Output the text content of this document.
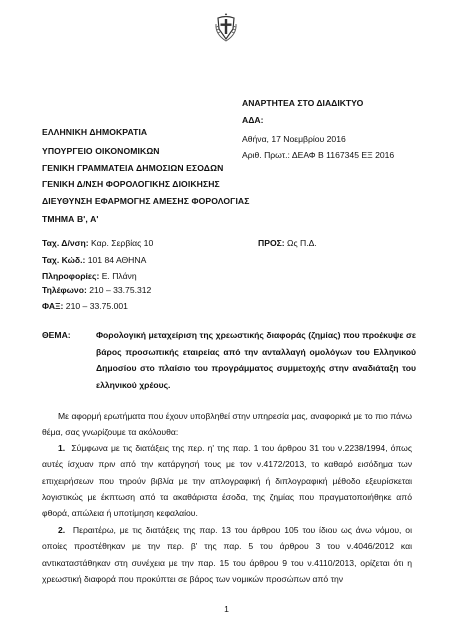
ΑΝΑΡΤΗΤΕΑ ΣΤΟ ΔΙΑΔΙΚΤΥΟ
ΑΔΑ:
Αθήνα, 17 Νοεμβρίου 2016
Αριθ. Πρωτ.: ΔΕΑΦ Β 1167345 ΕΞ 2016
ΕΛΛΗΝΙΚΗ ΔΗΜΟΚΡΑΤΙΑ
ΥΠΟΥΡΓΕΙΟ ΟΙΚΟΝΟΜΙΚΩΝ
ΓΕΝΙΚΗ ΓΡΑΜΜΑΤΕΙΑ ΔΗΜΟΣΙΩΝ ΕΣΟΔΩΝ
ΓΕΝΙΚΗ Δ/ΝΣΗ ΦΟΡΟΛΟΓΙΚΗΣ ΔΙΟΙΚΗΣΗΣ
ΔΙΕΥΘΥΝΣΗ ΕΦΑΡΜΟΓΗΣ ΑΜΕΣΗΣ ΦΟΡΟΛΟΓΙΑΣ
ΤΜΗΜΑ Β', Α'
Ταχ. Δ/νση: Καρ. Σερβίας 10
Ταχ. Κώδ.: 101 84 ΑΘΗΝΑ
Πληροφορίες: Ε. Πλάνη
Τηλέφωνο: 210 – 33.75.312
ΦΑΞ: 210 – 33.75.001
ΠΡΟΣ: Ως Π.Δ.
ΘΕΜΑ:	Φορολογική μεταχείριση της χρεωστικής διαφοράς (ζημίας) που προέκυψε σε βάρος προσωπικής εταιρείας από την ανταλλαγή ομολόγων του Ελληνικού Δημοσίου στο πλαίσιο του προγράμματος συμμετοχής στην αναδιάταξη του ελληνικού χρέους.
Με αφορμή ερωτήματα που έχουν υποβληθεί στην υπηρεσία μας, αναφορικά με το πιο πάνω θέμα, σας γνωρίζουμε τα ακόλουθα:
1. Σύμφωνα με τις διατάξεις της περ. η' της παρ. 1 του άρθρου 31 του ν.2238/1994, όπως αυτές ίσχυαν πριν από την κατάργησή τους με τον ν.4172/2013, το καθαρό εισόδημα των επιχειρήσεων που τηρούν βιβλία με την απλογραφική ή διπλογραφική μέθοδο εξευρίσκεται λογιστικώς με έκπτωση από τα ακαθάριστα έσοδα, της ζημίας που πραγματοποιήθηκε από φθορά, απώλεια ή υποτίμηση κεφαλαίου.
2. Περαιτέρω, με τις διατάξεις της παρ. 13 του άρθρου 105 του ίδιου ως άνω νόμου, οι οποίες προστέθηκαν με την περ. β' της παρ. 5 του άρθρου 3 του ν.4046/2012 και αντικαταστάθηκαν στη συνέχεια με την παρ. 15 του άρθρου 9 του ν.4110/2013, ορίζεται ότι η χρεωστική διαφορά που προκύπτει σε βάρος των νομικών προσώπων από την
1
